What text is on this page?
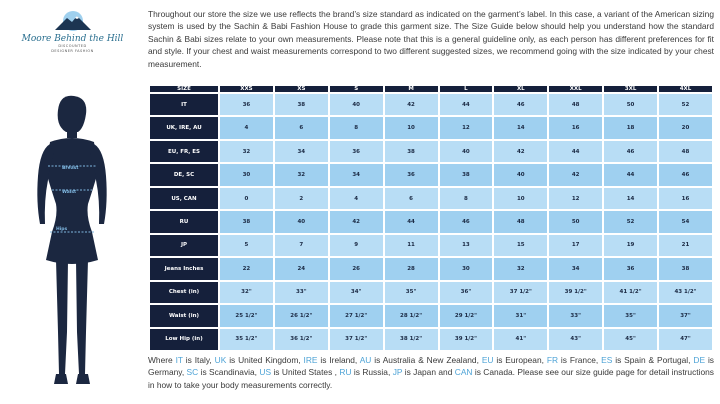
Moore Behind the Hill
DISCOUNTED
DESIGNER FASHION
Breast
Waist
Hips

Throughout our store the size we use reflects the brand’s size standard as indicated on the garment’s label. In this case, a variant of the American sizing system is used by the Sachin & Babi Fashion House to grade this garment size. The Size Guide below should help you understand how the standard Sachin & Babi sizes relate to your own measurements. Please note that this is a general guideline only, as each person has different preferences for fit and style. If your chest and waist measurements correspond to two different suggested sizes, we recommend going with the size indicated by your chest measurement.

SIZE	XXS	XS	S	M	L	XL	XXL	3XL	4XL
IT	36	38	40	42	44	46	48	50	52
UK, IRE, AU	4	6	8	10	12	14	16	18	20
EU, FR, ES	32	34	36	38	40	42	44	46	48
DE, SC	30	32	34	36	38	40	42	44	46
US, CAN	0	2	4	6	8	10	12	14	16
RU	38	40	42	44	46	48	50	52	54
JP	5	7	9	11	13	15	17	19	21
Jeans Inches	22	24	26	28	30	32	34	36	38
Chest (in)	32"	33"	34"	35"	36"	37 1/2"	39 1/2"	41 1/2"	43 1/2"
Waist (in)	25 1/2"	26 1/2"	27 1/2"	28 1/2"	29 1/2"	31"	33"	35"	37"
Low Hip (in)	35 1/2"	36 1/2"	37 1/2"	38 1/2"	39 1/2"	41"	43"	45"	47"

Where IT is Italy, UK is United Kingdom, IRE is Ireland, AU is Australia & New Zealand, EU is European, FR is France, ES is Spain & Portugal, DE is Germany, SC is Scandinavia, US is United States , RU is Russia, JP is Japan and CAN is Canada. Please see our size guide page for detail instructions in how to take your body measurements correctly.
